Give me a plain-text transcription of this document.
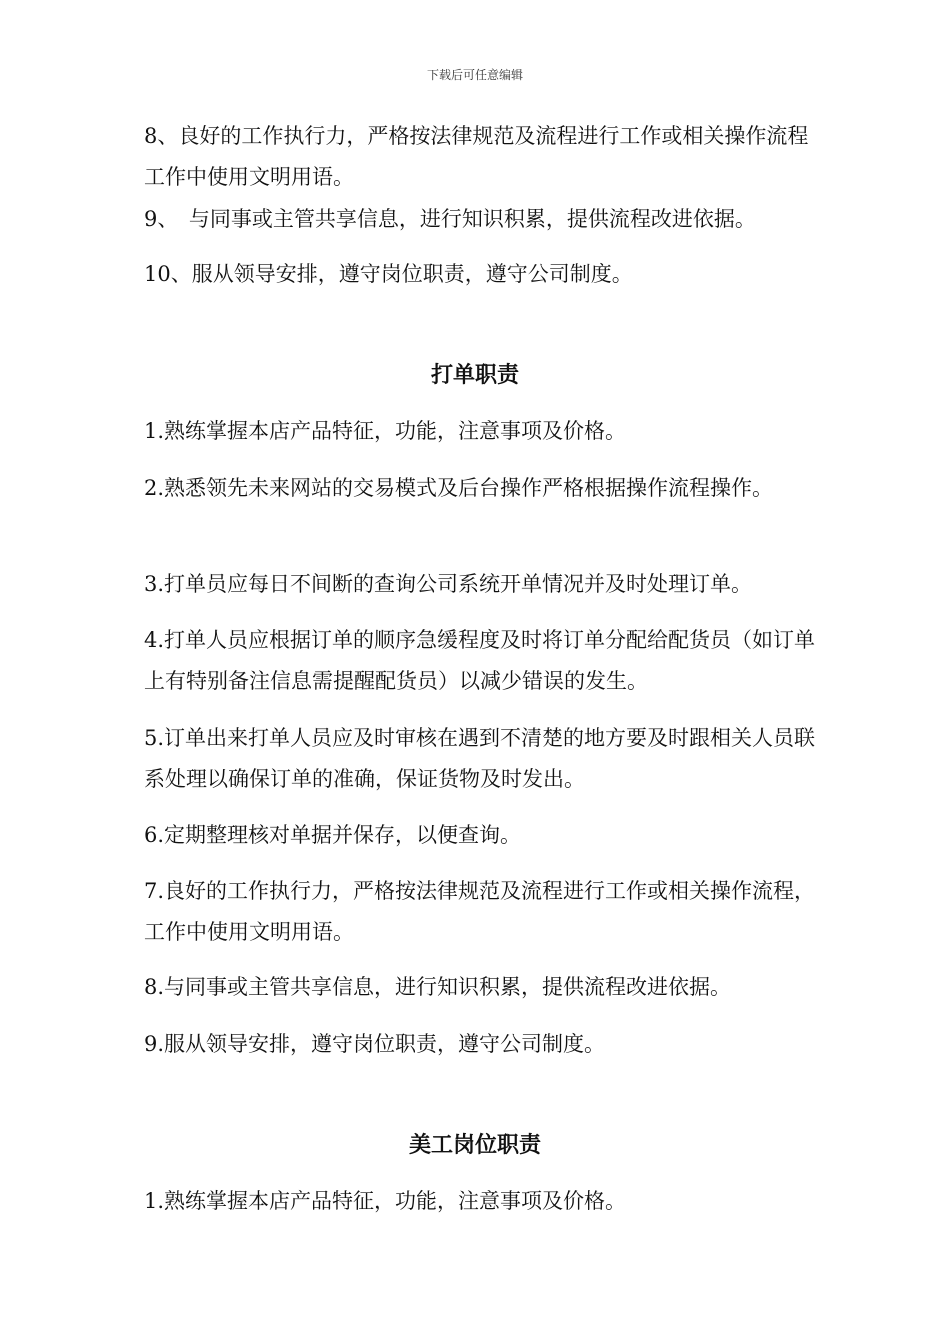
下载后可任意编辑
8、良好的工作执行力，严格按法律规范及流程进行工作或相关操作流程工作中使用文明用语。
9、　与同事或主管共享信息，进行知识积累，提供流程改进依据。
10、服从领导安排，遵守岗位职责，遵守公司制度。
打单职责
1.熟练掌握本店产品特征，功能，注意事项及价格。
2.熟悉领先未来网站的交易模式及后台操作严格根据操作流程操作。
3.打单员应每日不间断的查询公司系统开单情况并及时处理订单。
4.打单人员应根据订单的顺序急缓程度及时将订单分配给配货员（如订单上有特别备注信息需提醒配货员）以减少错误的发生。
5.订单出来打单人员应及时审核在遇到不清楚的地方要及时跟相关人员联系处理以确保订单的准确，保证货物及时发出。
6.定期整理核对单据并保存，以便查询。
7.良好的工作执行力，严格按法律规范及流程进行工作或相关操作流程，工作中使用文明用语。
8.与同事或主管共享信息，进行知识积累，提供流程改进依据。
9.服从领导安排，遵守岗位职责，遵守公司制度。
美工岗位职责
1.熟练掌握本店产品特征，功能，注意事项及价格。
